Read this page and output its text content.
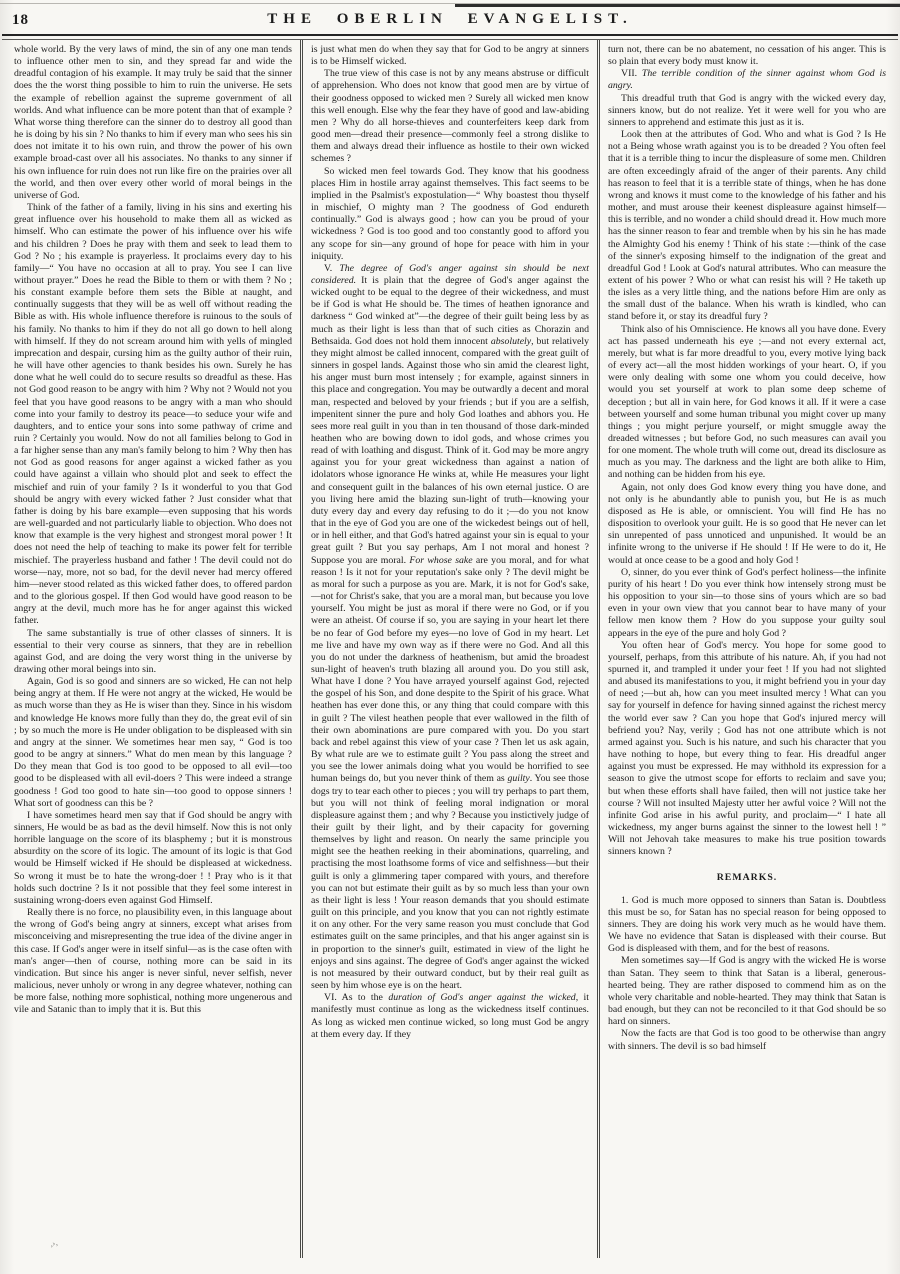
18	THE OBERLIN EVANGELIST.

whole world. By the very laws of mind, the sin of any one man tends to influence other men to sin, and they spread far and wide the dreadful contagion of his example. It may truly be said that the sinner does the the worst thing possible to him to ruin the universe. He sets the example of rebellion against the supreme government of all worlds. And what influence can be more potent than that of example ? What worse thing therefore can the sinner do to destroy all good than he is doing by his sin ? No thanks to him if every man who sees his sin does not imitate it to his own ruin, and throw the power of his own example broad-cast over all his associates. No thanks to any sinner if his own influence for ruin does not run like fire on the prairies over all the world, and then over every other world of moral beings in the universe of God.

Think of the father of a family, living in his sins and exerting his great influence over his household to make them all as wicked as himself. Who can estimate the power of his influence over his wife and his children ? Does he pray with them and seek to lead them to God ? No ; his example is prayerless. It proclaims every day to his family—“ You have no occasion at all to pray. You see I can live without prayer.” Does he read the Bible to them or with them ? No ; his constant example before them sets the Bible at naught, and continually suggests that they will be as well off without reading the Bible as with. His whole influence therefore is ruinous to the souls of his family. No thanks to him if they do not all go down to hell along with himself. If they do not scream around him with yells of mingled imprecation and despair, cursing him as the guilty author of their ruin, he will have other agencies to thank besides his own. Surely he has done what he well could do to secure results so dreadful as these. Has not God good reason to be angry with him ? Why not ? Would not you feel that you have good reasons to be angry with a man who should come into your family to destroy its peace—to seduce your wife and daughters, and to entice your sons into some pathway of crime and ruin ? Certainly you would. Now do not all families belong to God in a far higher sense than any man's family belong to him ? Why then has not God as good reasons for anger against a wicked father as you could have against a villain who should plot and seek to effect the mischief and ruin of your family ? Is it wonderful to you that God should be angry with every wicked father ? Just consider what that father is doing by his bare example—even supposing that his words are well-guarded and not particularly liable to objection. Who does not know that example is the very highest and strongest moral power ! It does not need the help of teaching to make its power felt for terrible mischief. The prayerless husband and father ! The devil could not do worse—nay, more, not so bad, for the devil never had mercy offered him—never stood related as this wicked father does, to offered pardon and to the glorious gospel. If then God would have good reason to be angry at the devil, much more has he for anger against this wicked father.

The same substantially is true of other classes of sinners. It is essential to their very course as sinners, that they are in rebellion against God, and are doing the very worst thing in the universe by drawing other moral beings into sin.

Again, God is so good and sinners are so wicked, He can not help being angry at them. If He were not angry at the wicked, He would be as much worse than they as He is wiser than they. Since in his wisdom and knowledge He knows more fully than they do, the great evil of sin ; by so much the more is He under obligation to be displeased with sin and angry at the sinner. We sometimes hear men say, “ God is too good to be angry at sinners.” What do men mean by this language ? Do they mean that God is too good to be opposed to all evil—too good to be displeased with all evil-doers ? This were indeed a strange goodness ! God too good to hate sin—too good to oppose sinners ! What sort of goodness can this be ?

I have sometimes heard men say that if God should be angry with sinners, He would be as bad as the devil himself. Now this is not only horrible language on the score of its blasphemy ; but it is monstrous absurdity on the score of its logic. The amount of its logic is that God would be Himself wicked if He should be displeased at wickedness. So wrong it must be to hate the wrong-doer ! ! Pray who is it that holds such doctrine ? Is it not possible that they feel some interest in sustaining wrong-doers even against God Himself.

Really there is no force, no plausibility even, in this language about the wrong of God's being angry at sinners, except what arises from misconceiving and misrepresenting the true idea of the divine anger in this case. If God's anger were in itself sinful—as is the case often with man's anger—then of course, nothing more can be said in its vindication. But since his anger is never sinful, never selfish, never malicious, never unholy or wrong in any degree whatever, nothing can be more false, nothing more sophistical, nothing more ungenerous and vile and Satanic than to imply that it is. But this

is just what men do when they say that for God to be angry at sinners is to be Himself wicked.

The true view of this case is not by any means abstruse or difficult of apprehension. Who does not know that good men are by virtue of their goodness opposed to wicked men ? Surely all wicked men know this well enough. Else why the fear they have of good and law-abiding men ? Why do all horse-thieves and counterfeiters keep dark from good men—dread their presence—commonly feel a strong dislike to them and always dread their influence as hostile to their own wicked schemes ?

So wicked men feel towards God. They know that his goodness places Him in hostile array against themselves. This fact seems to be implied in the Psalmist's expostulation—“ Why boastest thou thyself in mischief, O mighty man ? The goodness of God endureth continually.” God is always good ; how can you be proud of your wickedness ? God is too good and too constantly good to afford you any scope for sin—any ground of hope for peace with him in your iniquity.

V. The degree of God's anger against sin should be next considered. It is plain that the degree of God's anger against the wicked ought to be equal to the degree of their wickedness, and must be if God is what He should be. The times of heathen ignorance and darkness “ God winked at”—the degree of their guilt being less by as much as their light is less than that of such cities as Chorazin and Bethsaida. God does not hold them innocent absolutely, but relatively they might almost be called innocent, compared with the great guilt of sinners in gospel lands. Against those who sin amid the clearest light, his anger must burn most intensely ; for example, against sinners in this place and congregation. You may be outwardly a decent and moral man, respected and beloved by your friends ; but if you are a selfish, impenitent sinner the pure and holy God loathes and abhors you. He sees more real guilt in you than in ten thousand of those dark-minded heathen who are bowing down to idol gods, and whose crimes you read of with loathing and disgust. Think of it. God may be more angry against you for your great wickedness than against a nation of idolators whose ignorance He winks at, while He measures your light and consequent guilt in the balances of his own eternal justice. O are you living here amid the blazing sun-light of truth—knowing your duty every day and every day refusing to do it ;—do you not know that in the eye of God you are one of the wickedest beings out of hell, or in hell either, and that God's hatred against your sin is equal to your great guilt ? But you say perhaps, Am I not moral and honest ? Suppose you are moral. For whose sake are you moral, and for what reason ! Is it not for your reputation's sake only ? The devil might be as moral for such a purpose as you are. Mark, it is not for God's sake,—not for Christ's sake, that you are a moral man, but because you love yourself. You might be just as moral if there were no God, or if you were an atheist. Of course if so, you are saying in your heart let there be no fear of God before my eyes—no love of God in my heart. Let me live and have my own way as if there were no God. And all this you do not under the darkness of heathenism, but amid the broadest sun-light of heaven's truth blazing all around you. Do you still ask, What have I done ? You have arrayed yourself against God, rejected the gospel of his Son, and done despite to the Spirit of his grace. What heathen has ever done this, or any thing that could compare with this in guilt ? The vilest heathen people that ever wallowed in the filth of their own abominations are pure compared with you. Do you start back and rebel against this view of your case ? Then let us ask again, By what rule are we to estimate guilt ? You pass along the street and you see the lower animals doing what you would be horrified to see human beings do, but you never think of them as guilty. You see those dogs try to tear each other to pieces ; you will try perhaps to part them, but you will not think of feeling moral indignation or moral displeasure against them ; and why ? Because you instictively judge of their guilt by their light, and by their capacity for governing themselves by light and reason. On nearly the same principle you might see the heathen reeking in their abominations, quarreling, and practising the most loathsome forms of vice and selfishness—but their guilt is only a glimmering taper compared with yours, and therefore you can not but estimate their guilt as by so much less than your own as their light is less ! Your reason demands that you should estimate guilt on this principle, and you know that you can not rightly estimate it on any other. For the very same reason you must conclude that God estimates guilt on the same principles, and that his anger against sin is in proportion to the sinner's guilt, estimated in view of the light he enjoys and sins against. The degree of God's anger against the wicked is not measured by their outward conduct, but by their real guilt as seen by him whose eye is on the heart.

VI. As to the duration of God's anger against the wicked, it manifestly must continue as long as the wickedness itself continues. As long as wicked men continue wicked, so long must God be angry at them every day. If they

turn not, there can be no abatement, no cessation of his anger. This is so plain that every body must know it.

VII. The terrible condition of the sinner against whom God is angry.

This dreadful truth that God is angry with the wicked every day, sinners know, but do not realize. Yet it were well for you who are sinners to apprehend and estimate this just as it is.

Look then at the attributes of God. Who and what is God ? Is He not a Being whose wrath against you is to be dreaded ? You often feel that it is a terrible thing to incur the displeasure of some men. Children are often exceedingly afraid of the anger of their parents. Any child has reason to feel that it is a terrible state of things, when he has done wrong and knows it must come to the knowledge of his father and his mother, and must arouse their keenest displeasure against himself—this is terrible, and no wonder a child should dread it. How much more has the sinner reason to fear and tremble when by his sin he has made the Almighty God his enemy ! Think of his state :—think of the case of the sinner's exposing himself to the indignation of the great and dreadful God ! Look at God's natural attributes. Who can measure the extent of his power ? Who or what can resist his will ? He taketh up the isles as a very little thing, and the nations before Him are only as the small dust of the balance. When his wrath is kindled, who can stand before it, or stay its dreadful fury ?

Think also of his Omniscience. He knows all you have done. Every act has passed underneath his eye ;—and not every external act, merely, but what is far more dreadful to you, every motive lying back of every act—all the most hidden workings of your heart. O, if you were only dealing with some one whom you could deceive, how would you set yourself at work to plan some deep scheme of deception ; but all in vain here, for God knows it all. If it were a case between yourself and some human tribunal you might cover up many things ; you might perjure yourself, or might smuggle away the dreaded witnesses ; but before God, no such measures can avail you for one moment. The whole truth will come out, dread its disclosure as much as you may. The darkness and the light are both alike to Him, and nothing can be hidden from his eye.

Again, not only does God know every thing you have done, and not only is he abundantly able to punish you, but He is as much disposed as He is able, or omniscient. You will find He has no disposition to overlook your guilt. He is so good that He never can let sin unrepented of pass unnoticed and unpunished. It would be an infinite wrong to the universe if He should ! If He were to do it, He would at once cease to be a good and holy God !

O, sinner, do you ever think of God's perfect holiness—the infinite purity of his heart ! Do you ever think how intensely strong must be his opposition to your sin—to those sins of yours which are so bad even in your own view that you cannot bear to have many of your fellow men know them ? How do you suppose your guilty soul appears in the eye of the pure and holy God ?

You often hear of God's mercy. You hope for some good to yourself, perhaps, from this attribute of his nature. Ah, if you had not spurned it, and trampled it under your feet ! If you had not slighted and abused its manifestations to you, it might befriend you in your day of need ;—but ah, how can you meet insulted mercy ! What can you say for yourself in defence for having sinned against the richest mercy the world ever saw ? Can you hope that God's injured mercy will befriend you? Nay, verily ; God has not one attribute which is not armed against you. Such is his nature, and such his character that you have nothing to hope, but every thing to fear. His dreadful anger against you must be expressed. He may withhold its expression for a season to give the utmost scope for efforts to reclaim and save you; but when these efforts shall have failed, then will not justice take her course ? Will not insulted Majesty utter her awful voice ? Will not the infinite God arise in his awful purity, and proclaim—“ I hate all wickedness, my anger burns against the sinner to the lowest hell ! ” Will not Jehovah take measures to make his true position towards sinners known ?

REMARKS.

1. God is much more opposed to sinners than Satan is. Doubtless this must be so, for Satan has no special reason for being opposed to sinners. They are doing his work very much as he would have them. We have no evidence that Satan is displeased with their course. But God is displeased with them, and for the best of reasons.

Men sometimes say—If God is angry with the wicked He is worse than Satan. They seem to think that Satan is a liberal, generous-hearted being. They are rather disposed to commend him as on the whole very charitable and noble-hearted. They may think that Satan is bad enough, but they can not be reconciled to it that God should be so hard on sinners.

Now the facts are that God is too good to be otherwise than angry with sinners. The devil is so bad himself

‚›‚
